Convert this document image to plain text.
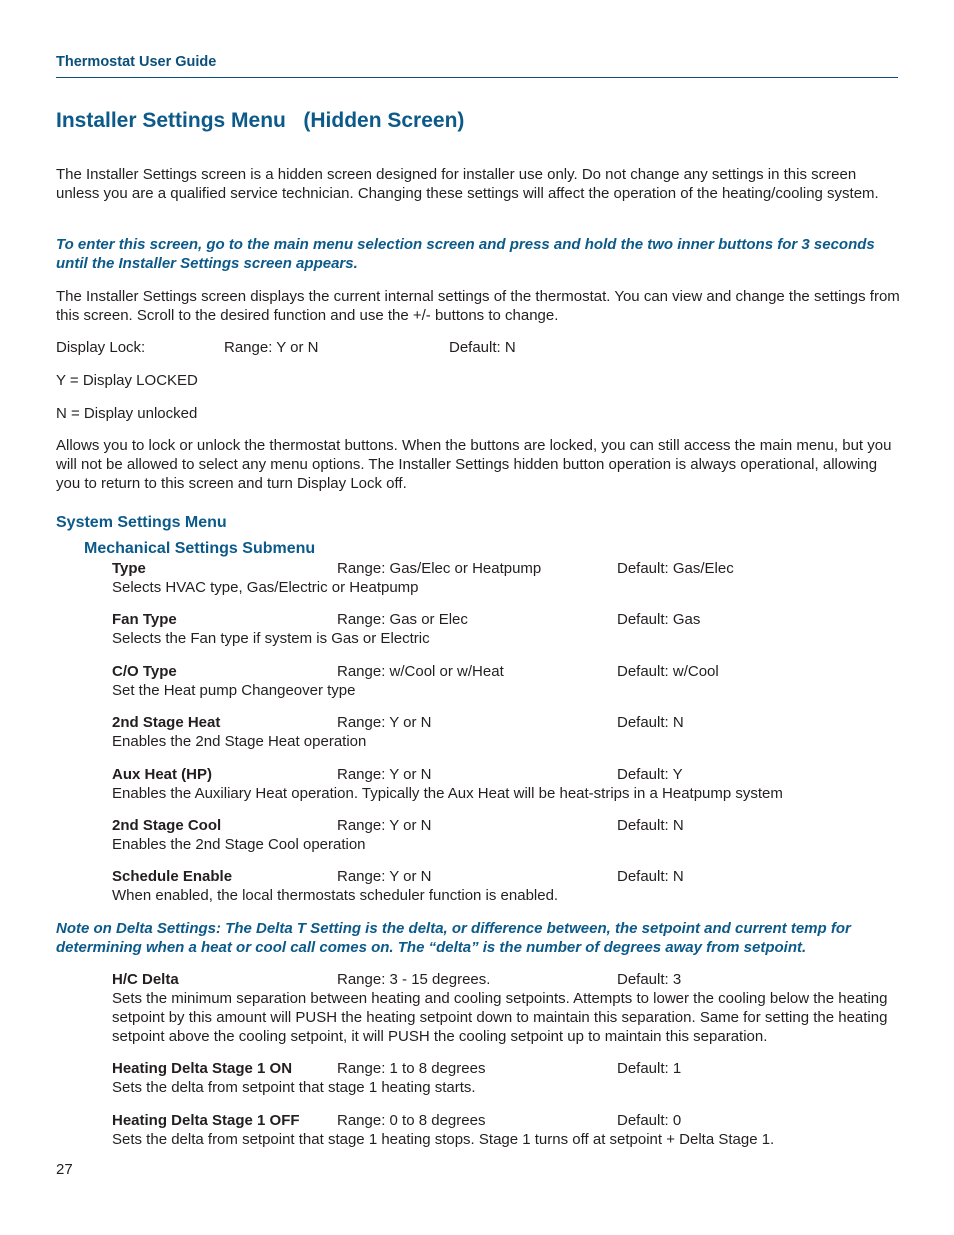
Thermostat User Guide
Installer Settings Menu   (Hidden Screen)

The Installer Settings screen is a hidden screen designed for installer use only. Do not change any settings in this screen unless you are a qualified service technician. Changing these settings will affect the operation of the heating/cooling system.

To enter this screen, go to the main menu selection screen and press and hold the two inner buttons for 3 seconds until the Installer Settings screen appears.

The Installer Settings screen displays the current internal settings of the thermostat. You can view and change the settings from this screen. Scroll to the desired function and use the +/- buttons to change.

Display Lock:	Range: Y or N	Default: N

Y = Display LOCKED

N = Display unlocked

Allows you to lock or unlock the thermostat buttons. When the buttons are locked, you can still access the main menu, but you will not be allowed to select any menu options. The Installer Settings hidden button operation is always operational, allowing you to return to this screen and turn Display Lock off.

System Settings Menu
Mechanical Settings Submenu
Type	Range: Gas/Elec or Heatpump	Default: Gas/Elec

Selects HVAC type, Gas/Electric or Heatpump

Fan Type	Range: Gas or Elec	Default: Gas

Selects the Fan type if system is Gas or Electric

C/O Type	Range: w/Cool or w/Heat	Default: w/Cool

Set the Heat pump Changeover type

2nd Stage Heat	Range: Y or N	Default: N

Enables the 2nd Stage Heat operation

Aux Heat (HP)	Range: Y or N	Default: Y

Enables the Auxiliary Heat operation. Typically the Aux Heat will be heat-strips in a Heatpump system

2nd Stage Cool	Range: Y or N	Default: N

Enables the 2nd Stage Cool operation

Schedule Enable	Range: Y or N	Default: N

When enabled, the local thermostats scheduler function is enabled.

Note on Delta Settings: The Delta T Setting is the delta, or difference between, the setpoint and current temp for determining when a heat or cool call comes on. The “delta” is the number of degrees away from setpoint.

H/C Delta	Range: 3 - 15 degrees.	Default: 3

Sets the minimum separation between heating and cooling setpoints. Attempts to lower the cooling below the heating setpoint by this amount will PUSH the heating setpoint down to maintain this separation. Same for setting the heating setpoint above the cooling setpoint, it will PUSH the cooling setpoint up to maintain this separation.

Heating Delta Stage 1 ON	Range: 1 to 8 degrees	Default: 1

Sets the delta from setpoint that stage 1 heating starts.

Heating Delta Stage 1 OFF Range: 0 to 8 degrees	Default: 0

Sets the delta from setpoint that stage 1 heating stops. Stage 1 turns off at setpoint + Delta Stage 1.

27
